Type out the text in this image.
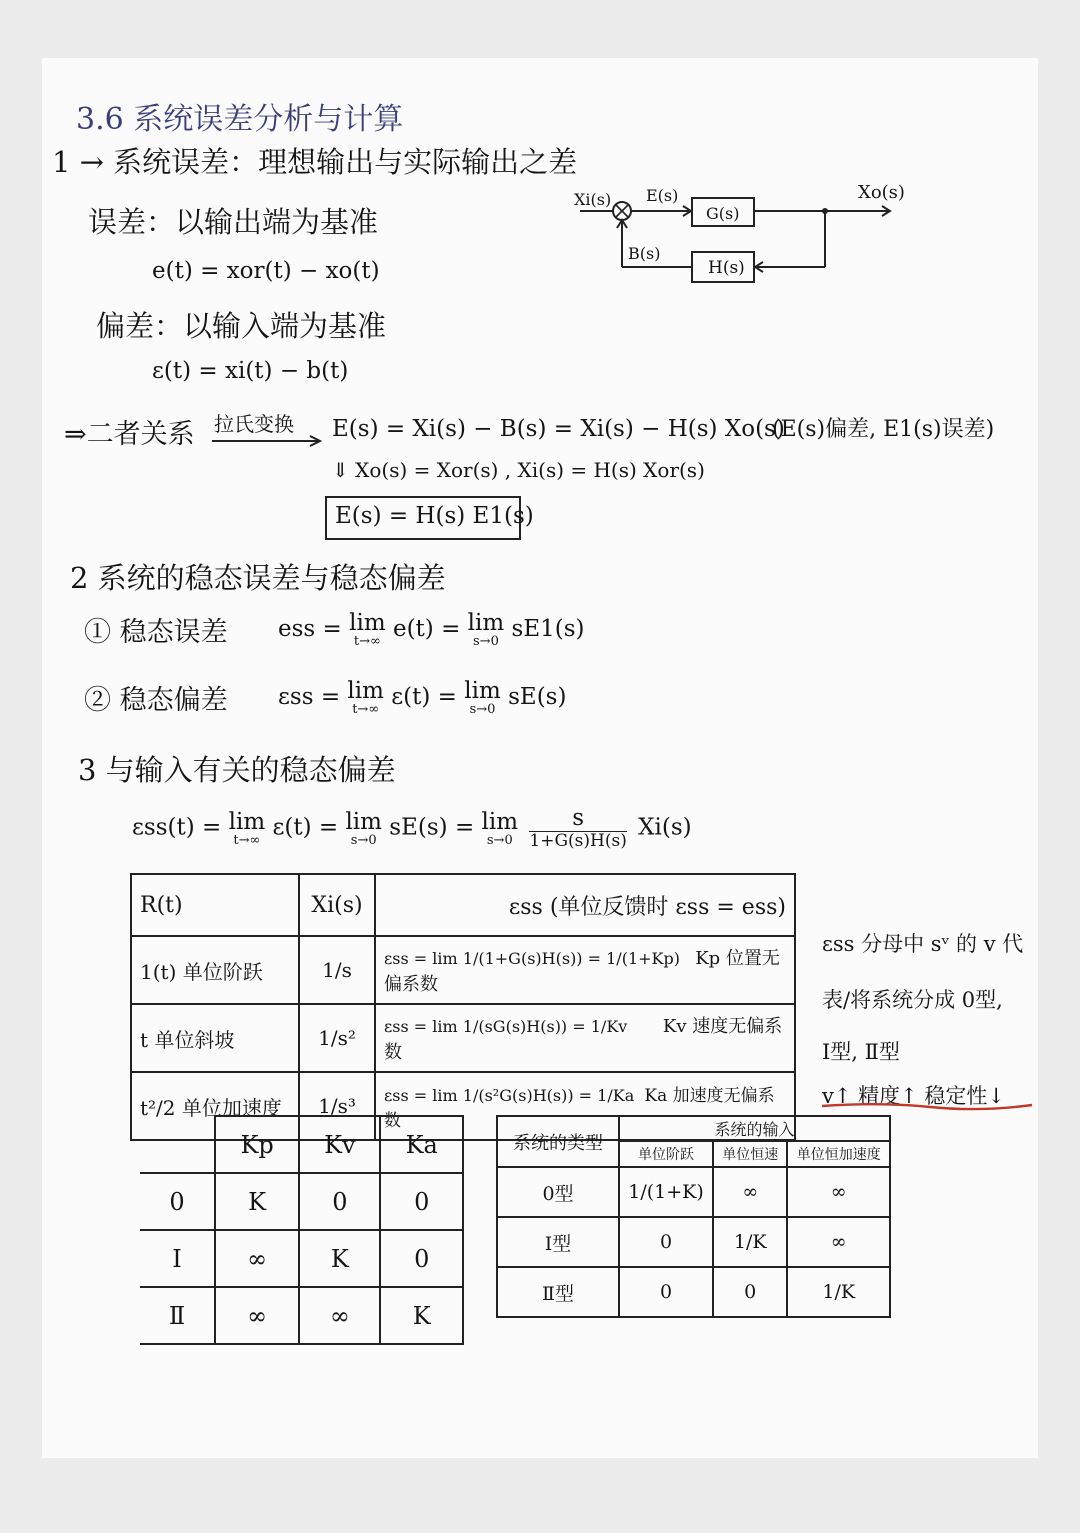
3.6 系统误差分析与计算
1 → 系统误差：理想输出与实际输出之差
误差：以输出端为基准
e(t) = xor(t) − xo(t)
偏差：以输入端为基准
ε(t) = xi(t) − b(t)
⇒二者关系 拉氏变换 E(s) = Xi(s) − B(s) = Xi(s) − H(s) Xo(s)
(E(s)偏差, E1(s)误差)
⇓ Xo(s) = Xor(s) , Xi(s) = H(s) Xor(s)
E(s) = H(s) E1(s)
Xi(s) E(s)
G(s)
Xo(s)
B(s)
H(s)
2 系统的稳态误差与稳态偏差
① 稳态误差 ess = lim
t→∞ e(t) = lim
s→0 sE1(s)
② 稳态偏差 εss = lim
t→∞ ε(t) = lim
s→0 sE(s)
3 与输入有关的稳态偏差
εss(t) = lim
t→∞ ε(t) = lim
s→0 sE(s) = lim
s→0
$\frac{s}{1+G(s)H(s)} Xi(s)$
R(t)	Xi(s)	εss (单位反馈时 εss = ess)
1(t) 单位阶跃	1/s	εss = lim 1/(1+G(s)H(s)) = 1/(1+Kp) Kp 位置无偏系数
t 单位斜坡	1/s²	εss = lim 1/(sG(s)H(s)) = 1/Kv Kv 速度无偏系数
t²/2 单位加速度	1/s³	εss = lim 1/(s²G(s)H(s)) = 1/Ka Ka 加速度无偏系数
εss 分母中 sᵛ 的 v 代
表/将系统分成 0型,
Ⅰ型, Ⅱ型
v↑ 精度↑ 稳定性↓
	Kp	Kv	Ka
0	K	0	0
Ⅰ	∞	K	0
Ⅱ	∞	∞	K
系统的类型	系统的输入		
	单位阶跃	单位恒速	单位恒加速度
0型	1/(1+K)	∞	∞
Ⅰ型	0	1/K	∞
Ⅱ型	0	0	1/K
